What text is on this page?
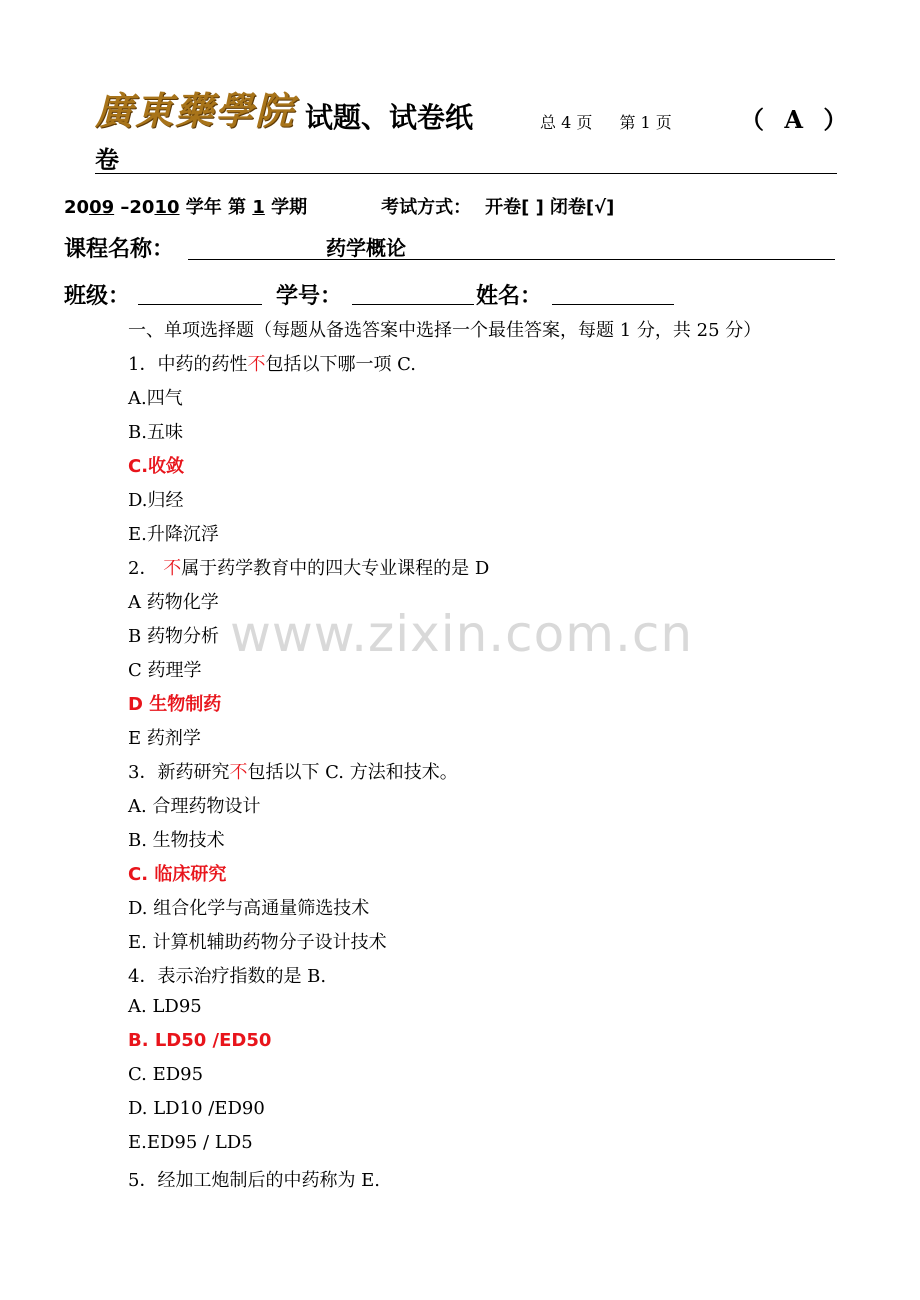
廣東藥學院 试题、试卷纸	总 4 页 第 1 页	（ A ）
卷
2009 –2010 学年 第 1 学期	考试方式： 开卷[ ] 闭卷[√]
课程名称：	药学概论
班级：	学号：	姓名：
一、单项选择题（每题从备选答案中选择一个最佳答案，每题 1 分，共 25 分）
www.zixin.com.cn
1．中药的药性不包括以下哪一项 C.
A.四气
B.五味
C.收敛
D.归经
E.升降沉浮
2． 不属于药学教育中的四大专业课程的是 D
A 药物化学
B 药物分析
C 药理学
D 生物制药
E 药剂学
3．新药研究不包括以下 C. 方法和技术。
A. 合理药物设计
B. 生物技术
C. 临床研究
D. 组合化学与高通量筛选技术
E. 计算机辅助药物分子设计技术
4．表示治疗指数的是 B.
A. LD95
B. LD50 /ED50
C. ED95
D. LD10 /ED90
E.ED95 / LD5
5．经加工炮制后的中药称为 E.
